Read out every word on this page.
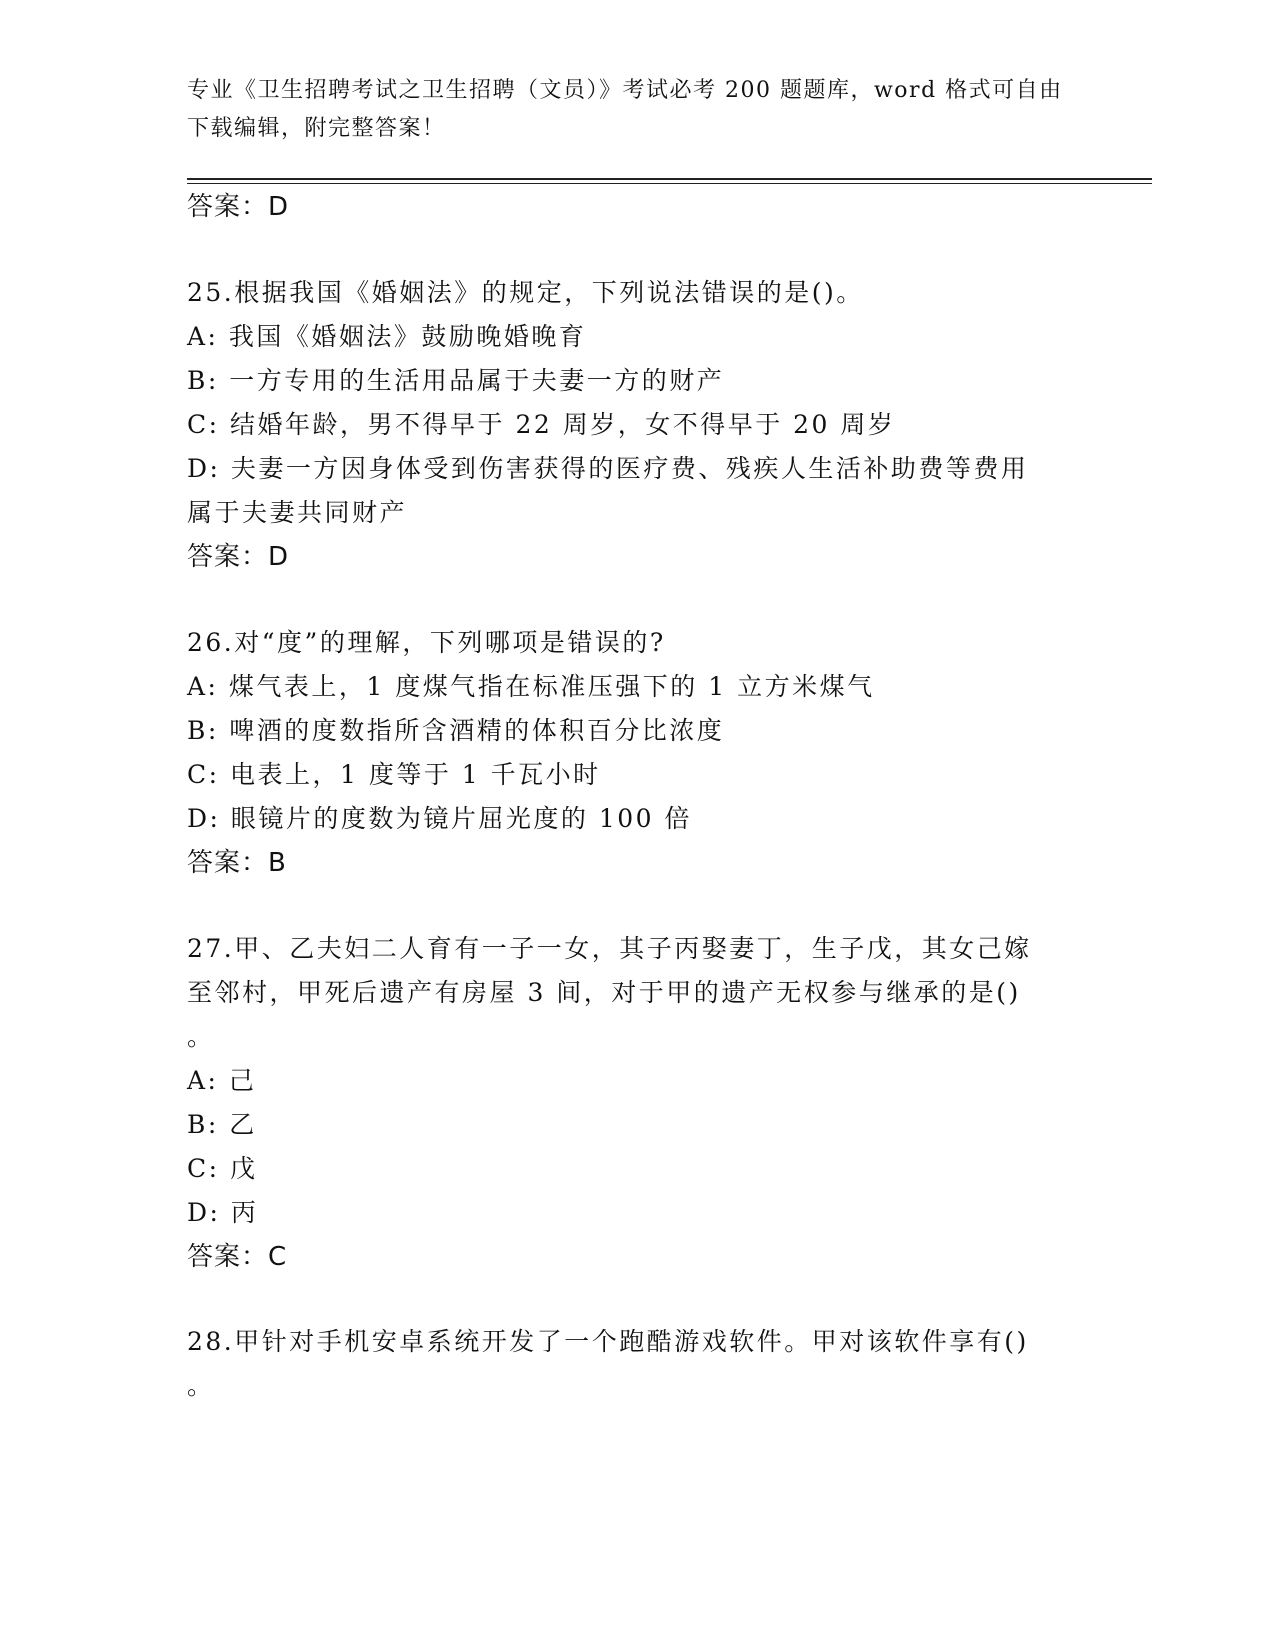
专业《卫生招聘考试之卫生招聘（文员）》考试必考 200 题题库，word 格式可自由下载编辑，附完整答案！
答案：D
25.根据我国《婚姻法》的规定，下列说法错误的是()。
A: 我国《婚姻法》鼓励晚婚晚育
B: 一方专用的生活用品属于夫妻一方的财产
C: 结婚年龄，男不得早于 22 周岁，女不得早于 20 周岁
D: 夫妻一方因身体受到伤害获得的医疗费、残疾人生活补助费等费用
属于夫妻共同财产
答案：D
26.对“度”的理解，下列哪项是错误的?
A: 煤气表上，1 度煤气指在标准压强下的 1 立方米煤气
B: 啤酒的度数指所含酒精的体积百分比浓度
C: 电表上，1 度等于 1 千瓦小时
D: 眼镜片的度数为镜片屈光度的 100 倍
答案：B
27.甲、乙夫妇二人育有一子一女，其子丙娶妻丁，生子戊，其女己嫁
至邻村，甲死后遗产有房屋 3 间，对于甲的遗产无权参与继承的是()
。
A: 己
B: 乙
C: 戊
D: 丙
答案：C
28.甲针对手机安卓系统开发了一个跑酷游戏软件。甲对该软件享有()
。
